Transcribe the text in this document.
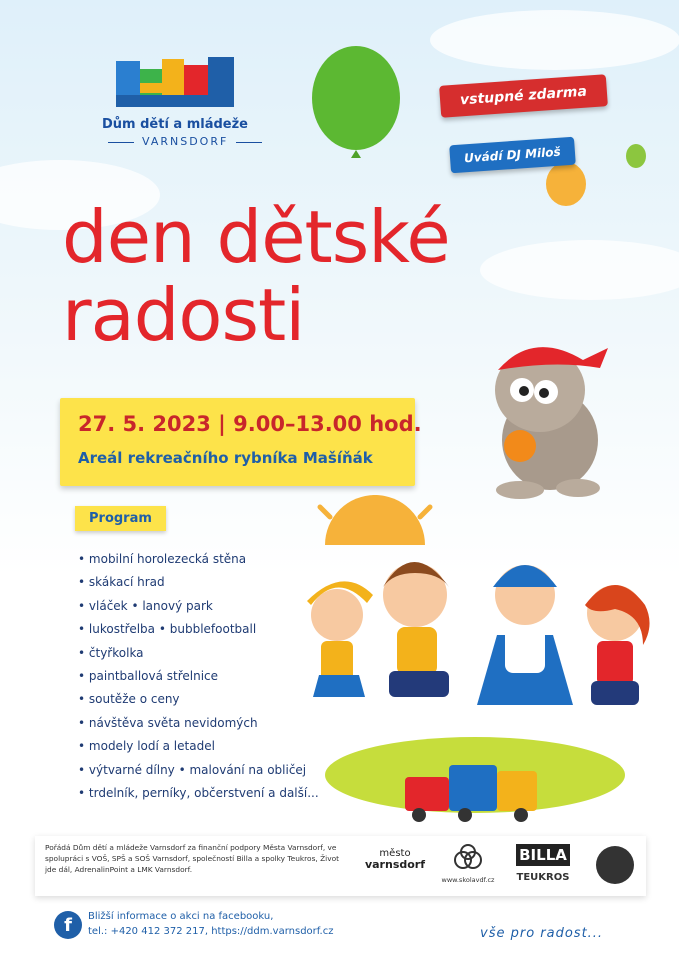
Dům dětí a mládeže
VARNSDORF
vstupné zdarma
Uvádí DJ Miloš
den dětské
radosti
27. 5. 2023 | 9.00–13.00 hod.
Areál rekreačního rybníka Mašíňák
Program
• mobilní horolezecká stěna
• skákací hrad
• vláček • lanový park
• lukostřelba • bubblefootball
• čtyřkolka
• paintballová střelnice
• soutěže o ceny
• návštěva světa nevidomých
• modely lodí a letadel
• výtvarné dílny • malování na obličej
• trdelník, perníky, občerstvení a další...
Pořádá Dům dětí a mládeže Varnsdorf za finanční podpory Města Varnsdorf, ve spolupráci s VOŠ, SPŠ a SOŠ Varnsdorf, společností Billa a spolky Teukros, Život jde dál, AdrenalinPoint a LMK Varnsdorf.
město
varnsdorf
www.skolavdf.cz
BILLA
TEUKROS
f	Bližší informace o akci na facebooku,
tel.: +420 412 372 217, https://ddm.varnsdorf.cz	vše pro radost...
